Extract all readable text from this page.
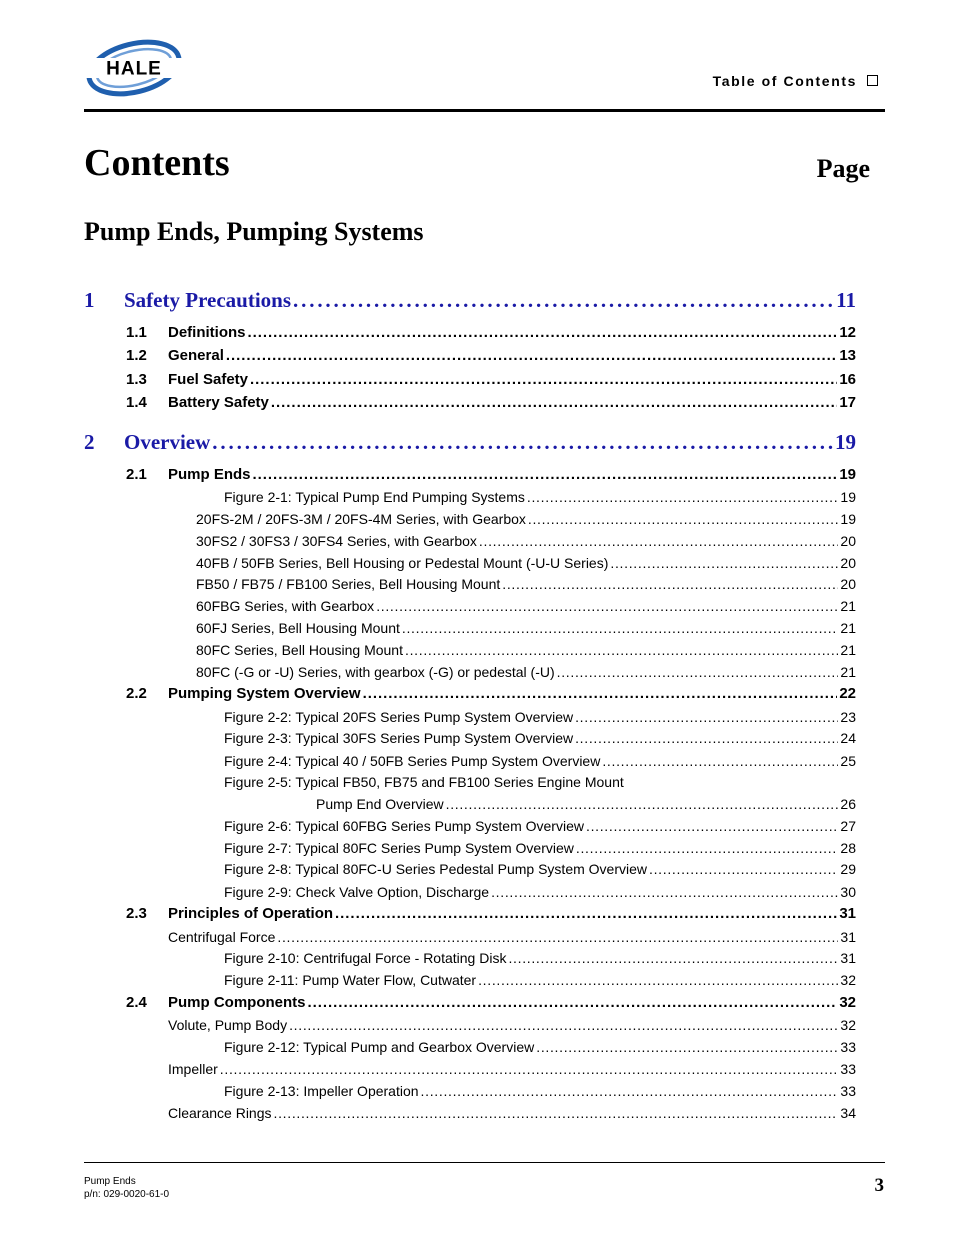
HALE
Table of Contents
Contents	Page
Pump Ends, Pumping Systems
1	Safety Precautions . . .	11
1.1	Definitions . . .	12
1.2	General . . .	13
1.3	Fuel Safety . . .	16
1.4	Battery Safety . . .	17
2	Overview . . .	19
2.1	Pump Ends . . .	19
Figure 2-1: Typical Pump End Pumping Systems . . .	19
20FS-2M / 20FS-3M / 20FS-4M Series, with Gearbox . . .	19
30FS2 / 30FS3 / 30FS4 Series, with Gearbox . . .	20
40FB / 50FB Series, Bell Housing or Pedestal Mount (-U-U Series) . . .	20
FB50 / FB75 / FB100 Series, Bell Housing Mount . . .	20
60FBG Series, with Gearbox . . .	21
60FJ Series, Bell Housing Mount . . .	21
80FC Series, Bell Housing Mount . . .	21
80FC (-G or -U) Series, with gearbox (-G) or pedestal (-U) . . .	21
2.2	Pumping System Overview . . .	22
Figure 2-2: Typical 20FS Series Pump System Overview . . .	23
Figure 2-3: Typical 30FS Series Pump System Overview . . .	24
Figure 2-4: Typical 40 / 50FB Series Pump System Overview . . .	25
Figure 2-5: Typical FB50, FB75 and FB100 Series Engine Mount
Pump End Overview . . .	26
Figure 2-6: Typical 60FBG Series Pump System Overview . . .	27
Figure 2-7: Typical 80FC Series Pump System Overview . . .	28
Figure 2-8: Typical 80FC-U Series Pedestal Pump System Overview . . .	29
Figure 2-9: Check Valve Option, Discharge . . .	30
2.3	Principles of Operation . . .	31
Centrifugal Force . . .	31
Figure 2-10: Centrifugal Force - Rotating Disk . . .	31
Figure 2-11: Pump Water Flow, Cutwater . . .	32
2.4	Pump Components . . .	32
Volute, Pump Body . . .	32
Figure 2-12: Typical Pump and Gearbox Overview . . .	33
Impeller . . .	33
Figure 2-13: Impeller Operation . . .	33
Clearance Rings . . .	34
Pump Ends
p/n: 029-0020-61-0	3
